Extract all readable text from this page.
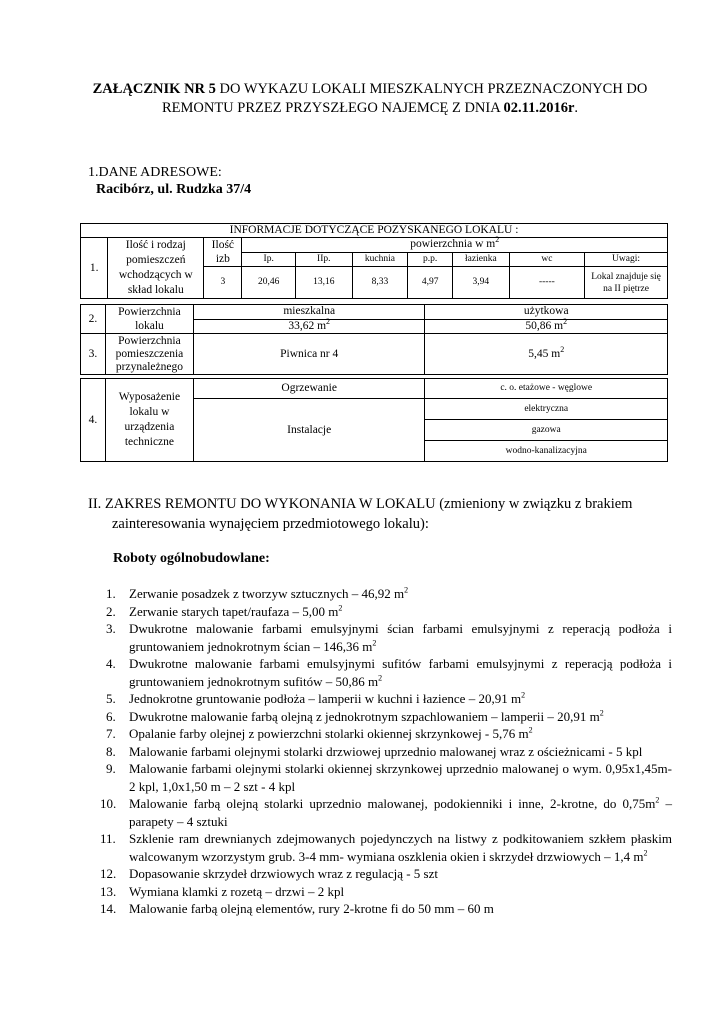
ZAŁĄCZNIK NR 5 DO WYKAZU LOKALI MIESZKALNYCH PRZEZNACZONYCH DO
REMONTU PRZEZ PRZYSZŁEGO NAJEMCĘ Z DNIA 02.11.2016r.
1.DANE ADRESOWE:
Racibórz, ul. Rudzka 37/4
INFORMACJE DOTYCZĄCE POZYSKANEGO LOKALU :									
1.	Ilość i rodzaj pomieszczeń wchodzących w skład lokalu	Ilość izb	powierzchnia w $m^2$
			Ip.	IIp.	kuchnia	p.p.	łazienka	wc	Uwagi:
		3	20,46	13,16	8,33	4,97	3,94	-----	Lokal znajduje się na II piętrze
2.	Powierzchnia lokalu	mieszkalna	użytkowa
		33,62 $m^2$	50,86 $m^2$
3.	Powierzchnia pomieszczenia przynależnego	Piwnica nr 4	5,45 $m^2$
4.	Wyposażenie lokalu w urządzenia techniczne	Ogrzewanie	c. o. etażowe - węglowe
		Instalacje	elektryczna
			gazowa
			wodno-kanalizacyjna
II. ZAKRES REMONTU DO WYKONANIA W LOKALU (zmieniony w związku z brakiem
zainteresowania wynajęciem przedmiotowego lokalu):
Roboty ogólnobudowlane:
1. Zerwanie posadzek z tworzyw sztucznych – 46,92 $m^2$
2. Zerwanie starych tapet/raufaza – 5,00 $m^2$
3. Dwukrotne malowanie farbami emulsyjnymi ścian farbami emulsyjnymi z reperacją podłoża i gruntowaniem jednokrotnym ścian – 146,36 $m^2$
4. Dwukrotne malowanie farbami emulsyjnymi sufitów farbami emulsyjnymi z reperacją podłoża i gruntowaniem jednokrotnym sufitów – 50,86 $m^2$
5. Jednokrotne gruntowanie podłoża – lamperii w kuchni i łazience – 20,91 $m^2$
6. Dwukrotne malowanie farbą olejną z jednokrotnym szpachlowaniem – lamperii – 20,91 $m^2$
7. Opalanie farby olejnej z powierzchni stolarki okiennej skrzynkowej - 5,76 $m^2$
8. Malowanie farbami olejnymi stolarki drzwiowej uprzednio malowanej wraz z ościeżnicami - 5 kpl
9. Malowanie farbami olejnymi stolarki okiennej skrzynkowej uprzednio malowanej o wym. 0,95x1,45m- 2 kpl, 1,0x1,50 m – 2 szt - 4 kpl
10. Malowanie farbą olejną stolarki uprzednio malowanej, podokienniki i inne, 2-krotne, do $0,75m^2$ – parapety – 4 sztuki
11. Szklenie ram drewnianych zdejmowanych pojedynczych na listwy z podkitowaniem szkłem płaskim walcowanym wzorzystym grub. 3-4 mm- wymiana oszklenia okien i skrzydeł drzwiowych – 1,4 $m^2$
12. Dopasowanie skrzydeł drzwiowych wraz z regulacją - 5 szt
13. Wymiana klamki z rozetą – drzwi – 2 kpl
14. Malowanie farbą olejną elementów, rury 2-krotne fi do 50 mm – 60 m
